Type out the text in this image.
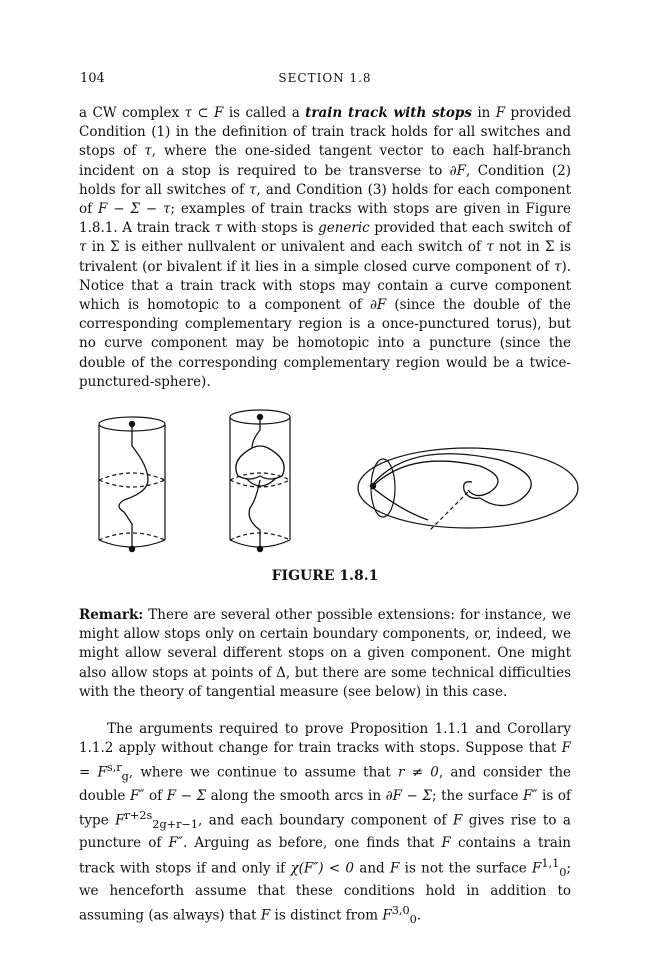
104	SECTION 1.8
a CW complex τ ⊂ F is called a train track with stops in F provided Condition (1) in the definition of train track holds for all switches and stops of τ, where the one-sided tangent vector to each half-branch incident on a stop is required to be transverse to ∂F, Condition (2) holds for all switches of τ, and Condition (3) holds for each component of F − Σ − τ; examples of train tracks with stops are given in Figure 1.8.1. A train track τ with stops is generic provided that each switch of τ in Σ is either nullvalent or univalent and each switch of τ not in Σ is trivalent (or bivalent if it lies in a simple closed curve component of τ). Notice that a train track with stops may contain a curve component which is homotopic to a component of ∂F (since the double of the corresponding complementary region is a once-punctured torus), but no curve component may be homotopic into a puncture (since the double of the corresponding complementary region would be a twice-punctured-sphere).
FIGURE 1.8.1
Remark: There are several other possible extensions: for instance, we might allow stops only on certain boundary components, or, indeed, we might allow several different stops on a given component. One might also allow stops at points of Δ, but there are some technical difficulties with the theory of tangential measure (see below) in this case.
The arguments required to prove Proposition 1.1.1 and Corollary 1.1.2 apply without change for train tracks with stops. Suppose that F = F$^{s,r}_g$, where we continue to assume that r ≠ 0, and consider the double F″ of F − Σ along the smooth arcs in ∂F − Σ; the surface F″ is of type $F^{r+2s}_{2g+r-1}$, and each boundary component of F gives rise to a puncture of F″. Arguing as before, one finds that F contains a train track with stops if and only if χ(F″) < 0 and F is not the surface F$^{1,1}_0$; we henceforth assume that these conditions hold in addition to assuming (as always) that F is distinct from F$^{3,0}_0$.
